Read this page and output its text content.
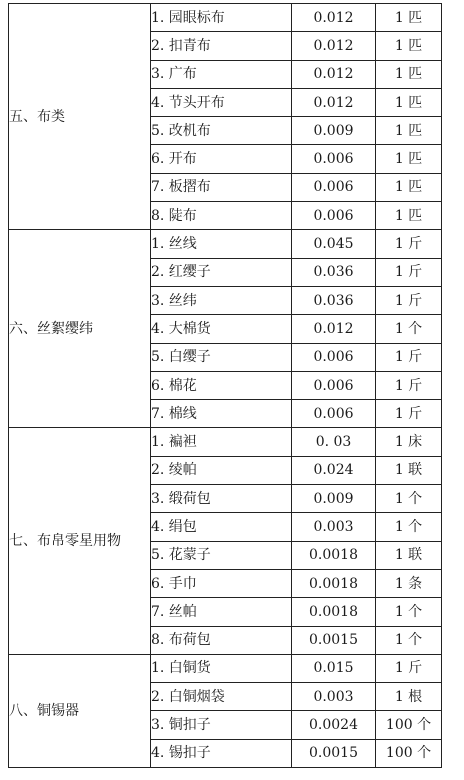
五、布类	1. 园眼标布	0.012	1 匹
	2. 扣青布	0.012	1 匹
	3. 广布	0.012	1 匹
	4. 节头开布	0.012	1 匹
	5. 改机布	0.009	1 匹
	6. 开布	0.006	1 匹
	7. 板摺布	0.006	1 匹
	8. 陡布	0.006	1 匹
六、丝絮缨纬	1. 丝线	0.045	1 斤
	2. 红缨子	0.036	1 斤
	3. 丝纬	0.036	1 斤
	4. 大棉货	0.012	1 个
	5. 白缨子	0.006	1 斤
	6. 棉花	0.006	1 斤
	7. 棉线	0.006	1 斤
七、布帛零星用物	1. 褊袒	0. 03	1 床
	2. 绫帕	0.024	1 联
	3. 缎荷包	0.009	1 个
	4. 绢包	0.003	1 个
	5. 花蒙子	0.0018	1 联
	6. 手巾	0.0018	1 条
	7. 丝帕	0.0018	1 个
	8. 布荷包	0.0015	1 个
八、铜锡器	1. 白铜货	0.015	1 斤
	2. 白铜烟袋	0.003	1 根
	3. 铜扣子	0.0024	100 个
	4. 锡扣子	0.0015	100 个
